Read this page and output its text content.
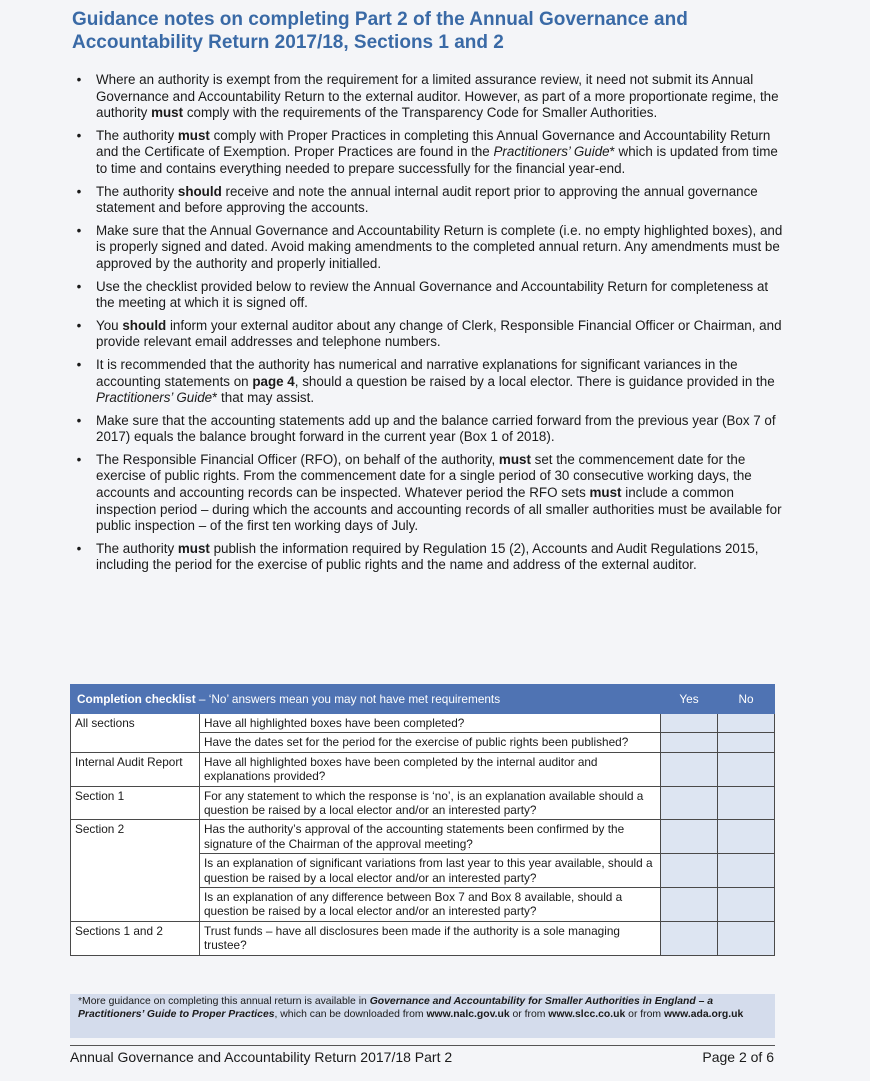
Guidance notes on completing Part 2 of the Annual Governance and Accountability Return 2017/18, Sections 1 and 2
•	Where an authority is exempt from the requirement for a limited assurance review, it need not submit its Annual Governance and Accountability Return to the external auditor. However, as part of a more proportionate regime, the authority must comply with the requirements of the Transparency Code for Smaller Authorities.
•	The authority must comply with Proper Practices in completing this Annual Governance and Accountability Return and the Certificate of Exemption. Proper Practices are found in the Practitioners’ Guide* which is updated from time to time and contains everything needed to prepare successfully for the financial year-end.
•	The authority should receive and note the annual internal audit report prior to approving the annual governance statement and before approving the accounts.
•	Make sure that the Annual Governance and Accountability Return is complete (i.e. no empty highlighted boxes), and is properly signed and dated. Avoid making amendments to the completed annual return. Any amendments must be approved by the authority and properly initialled.
•	Use the checklist provided below to review the Annual Governance and Accountability Return for completeness at the meeting at which it is signed off.
•	You should inform your external auditor about any change of Clerk, Responsible Financial Officer or Chairman, and provide relevant email addresses and telephone numbers.
•	It is recommended that the authority has numerical and narrative explanations for significant variances in the accounting statements on page 4, should a question be raised by a local elector. There is guidance provided in the Practitioners’ Guide* that may assist.
•	Make sure that the accounting statements add up and the balance carried forward from the previous year (Box 7 of 2017) equals the balance brought forward in the current year (Box 1 of 2018).
•	The Responsible Financial Officer (RFO), on behalf of the authority, must set the commencement date for the exercise of public rights. From the commencement date for a single period of 30 consecutive working days, the accounts and accounting records can be inspected. Whatever period the RFO sets must include a common inspection period – during which the accounts and accounting records of all smaller authorities must be available for public inspection – of the first ten working days of July.
•	The authority must publish the information required by Regulation 15 (2), Accounts and Audit Regulations 2015, including the period for the exercise of public rights and the name and address of the external auditor.
Completion checklist – ‘No’ answers mean you may not have met requirements		Yes	No
All sections	Have all highlighted boxes have been completed?		
	Have the dates set for the period for the exercise of public rights been published?		
Internal Audit Report	Have all highlighted boxes have been completed by the internal auditor and explanations provided?		
Section 1	For any statement to which the response is ‘no’, is an explanation available should a question be raised by a local elector and/or an interested party?		
Section 2	Has the authority’s approval of the accounting statements been confirmed by the signature of the Chairman of the approval meeting?		
	Is an explanation of significant variations from last year to this year available, should a question be raised by a local elector and/or an interested party?		
	Is an explanation of any difference between Box 7 and Box 8 available, should a question be raised by a local elector and/or an interested party?		
Sections 1 and 2	Trust funds – have all disclosures been made if the authority is a sole managing trustee?		
*More guidance on completing this annual return is available in Governance and Accountability for Smaller Authorities in England – a Practitioners’ Guide to Proper Practices, which can be downloaded from www.nalc.gov.uk or from www.slcc.co.uk or from www.ada.org.uk
Annual Governance and Accountability Return 2017/18 Part 2	Page 2 of 6
